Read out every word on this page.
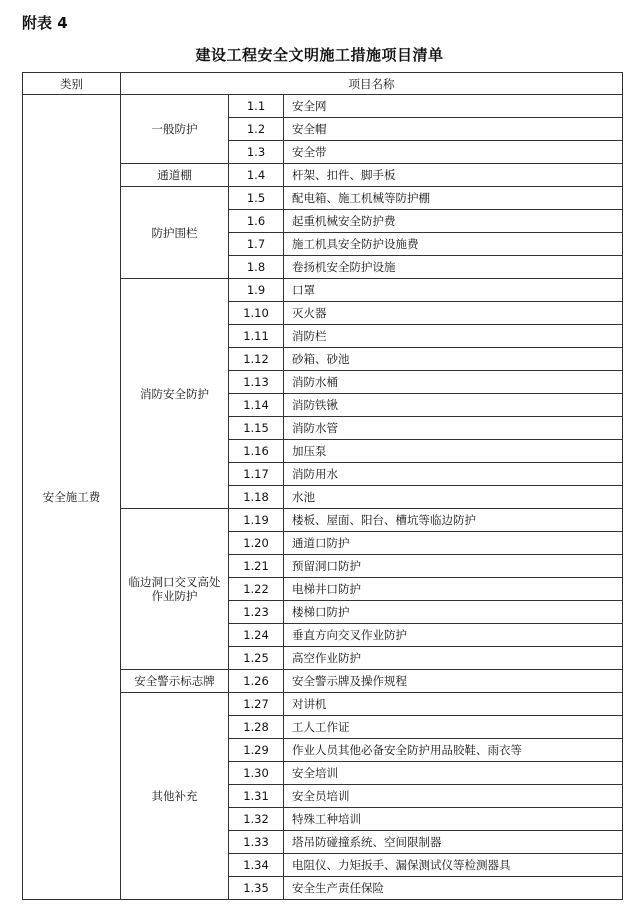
附表 4
建设工程安全文明施工措施项目清单
类别	项目名称		
安全施工费	一般防护	1.1	安全网
		1.2	安全帽
		1.3	安全带
	通道棚	1.4	杆架、扣件、脚手板
	防护围栏	1.5	配电箱、施工机械等防护棚
		1.6	起重机械安全防护费
		1.7	施工机具安全防护设施费
		1.8	卷扬机安全防护设施
	消防安全防护	1.9	口罩
		1.10	灭火器
		1.11	消防栏
		1.12	砂箱、砂池
		1.13	消防水桶
		1.14	消防铁锹
		1.15	消防水管
		1.16	加压泵
		1.17	消防用水
		1.18	水池
	临边洞口交叉高处作业防护	1.19	楼板、屋面、阳台、槽坑等临边防护
		1.20	通道口防护
		1.21	预留洞口防护
		1.22	电梯井口防护
		1.23	楼梯口防护
		1.24	垂直方向交叉作业防护
		1.25	高空作业防护
	安全警示标志牌	1.26	安全警示牌及操作规程
	其他补充	1.27	对讲机
		1.28	工人工作证
		1.29	作业人员其他必备安全防护用品胶鞋、雨衣等
		1.30	安全培训
		1.31	安全员培训
		1.32	特殊工种培训
		1.33	塔吊防碰撞系统、空间限制器
		1.34	电阻仪、力矩扳手、漏保测试仪等检测器具
		1.35	安全生产责任保险
